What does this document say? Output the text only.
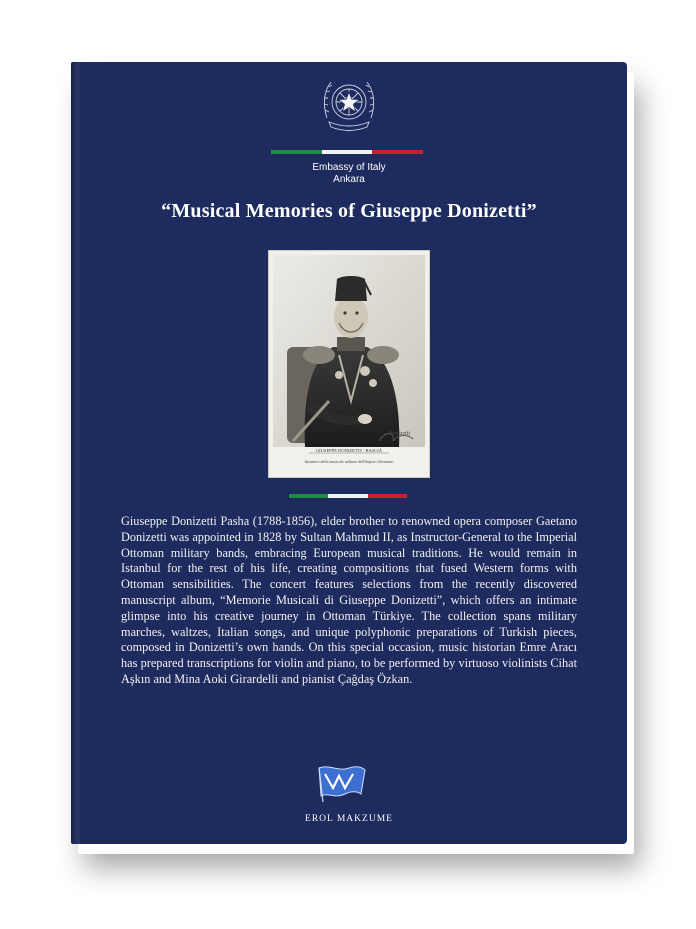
Embassy of Italy
Ankara
“Musical Memories of Giuseppe Donizetti”
GIUSEPPE DONIZETTI - BASCIÀ
Istruttore della musicale militare dell'Impero Ottomano
Donizetti
Giuseppe Donizetti Pasha (1788-1856), elder brother to renowned opera composer Gaetano Donizetti was appointed in 1828 by Sultan Mahmud II, as Instructor-General to the Imperial Ottoman military bands, embracing European musical traditions. He would remain in Istanbul for the rest of his life, creating compositions that fused Western forms with Ottoman sensibilities. The concert features selections from the recently discovered manuscript album, “Memorie Musicali di Giuseppe Donizetti”, which offers an intimate glimpse into his creative journey in Ottoman Türkiye. The collection spans military marches, waltzes, Italian songs, and unique polyphonic preparations of Turkish pieces, composed in Donizetti’s own hands. On this special occasion, music historian Emre Aracı has prepared transcriptions for violin and piano, to be performed by virtuoso violinists Cihat Aşkın and Mina Aoki Girardelli and pianist Çağdaş Özkan.
EROL MAKZUME
